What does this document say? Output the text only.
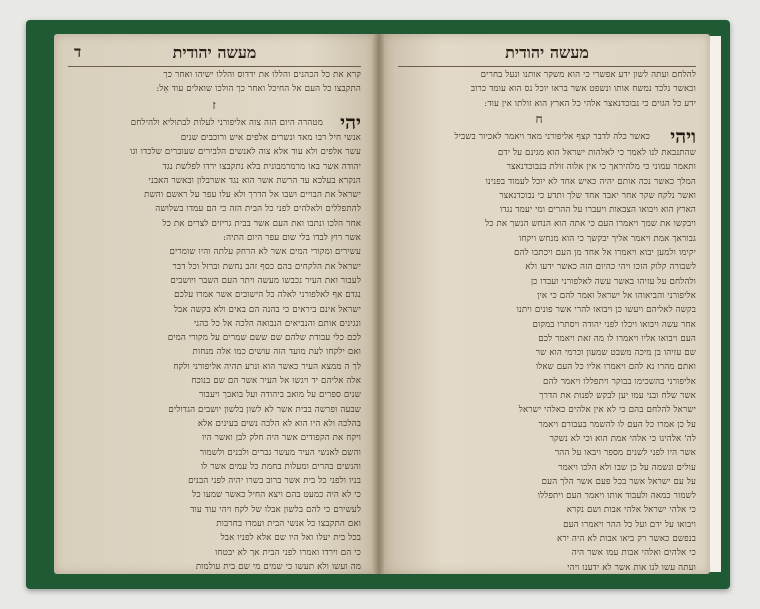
מעשה יהודית
ד
קרא את כל הכהנים והללו את ידדוס והללו ישיהו ואחר כך
התקבצו כל העם אל החיכל ואחר כך הולכו שואלים עוד אֵל:
ז
יהי
מטהרה היום הזה צוה אליפורני לעלות לבתוליא ולהילחם
אנשי חיל רבו מאד ונשרים אלפים איש ורוכבים שנים
עשר אלפים ולא עוד אלא צוה לאנשים הלבירים שעוברים שלכדו וגו
יהודה אשר באו מרמרמבונית בלא נתקבצו ירדו לפלשת נגד
הנקרא בעלכא עד הרשת אשר הוא נגד אשרבלון ובאשר האבני
ישראל את הבויים ושבו אל הדרך ולא עלו עפר על ראשם והשת
להתפללים ולאלהים לפני כל הבית הזה כי הם עמדו בשלושה
אחר הלכו ונתבו ואת העם אשר בבית גריזים לצרים את כל
אשר רוץ לבדו בלי שום עפר היום התיה:
עשירים ומקורי המים אשר לא הרחק עלתה והיו שומרים
ישראל את הלקחים בהם כסף זהב נחשת וברזל וכל דבר
לעבור ואת העיר נכבשו מעשה ויתר העם השבר ויושבים
נגדם אף לאלפורני לאלה כל הישובים אשר אמרו עלכם
ישראל אינם ביראים כי בהנה הם באים ולא בקשה אבל
ונגינים אותם והנביאים הנבואה הלכה אל כל כהני
לכם כלי עבודת שלהם שם ששם שמרים על מקורי המים
ואם ילקחו לעת מועד הזה עושים כמו אלה מנחות
לך ה ממצא העיר כאשר הוא ונרע תהיה אליפורני ולקח
אלה אליהם יד ויגשו אל העיר אשר הם שם בנוכח
שנים ספרים על מואב ביהודה ועל בואבך ויעבור
שבעה ופרשה בבית אשר לא לשון בלשון יושבים הגדולים
בהלכה ולא היו הוא לא הלכה נשים בעינים אלא
ויקח את הקפודים אשר היה חלק לבן ואשר היו
והשם לאנשי העיר מעשר גברים ולבנים ולשמור
והנשים בהרים ומעלות בחמת כל עמים אשר לו
בניו ולפני כל בית אשר ברוב בשרו יהיה לפני הבנים
כי לא היה כמעט בהם ויצא החיל כאשר שמעו כל
לעשירם כי להם בלשון אבלו של לקח ויהי עוד עוד
ואם התקבצו כל אנשי הבית ועמדו בחרבות
בכל בית יעלו ואל היו שם אלא לפניו אבל
כי הם וירדו ואמרו לפני הבית אך לא יבטחו
מה ועשו ולא תעשו כי שמים מי שם בית עולמות
מעשה יהודית
להלחם ועתה לשון ידע אפשרי כי הוא משקר אותנו ונעל בחרים
וכאשר נלכד נמשח אותו ונשפט אשר בראו יוכל נס הוא עומד כרוב
ידע כל הגוים כי נבוכדנאצר אלהי כל הארץ הוא זולתו אין עוד:
ח
ויהי
כאשר כלה לדבר קצף אליפורני מאד ויאמר לאכיור בשביל
שהתנבאת לנו לאמר כי לאלהות ישראל הוא מגינם על ידם
ותאמר עמוני כי מלהיראך כי אין אלוה זולת בנבוכדנאצר
המלך כאשר נכה אותם יהיה כאיש אחד לא יוכל לעמוד בפנינו
ואשר נלקח שקר אחר יאבד אחד שלך ותדע כי נבוכדנאצר
הארץ הוא ויבואו הצבאות ויעברו על ההרים ומי יעמד נגדו
ויבקשו את שמך ויאמרו העם כי אתה הוא הנחש הנשך את כל
גבוראך אמת ויאמר אליך יבקשך כי הוא מנחש ויקחו
יקימו ולמען יבוא ויאמרו אל אחד מן העם ויכתבו להם
לשבורה קלוק הזכו ויהי כהיום הזה כאשר ידעו ולא
ולהלחם על עזיהו באשר עשה לאלפורני ועבדו כן
אליפורני והביאוהו אל ישראל ואמר להם כי אין
בקשה לאליהם ויעשו כן ויבואו להרי אשר פונים ויתנו
אחר עשה ויבואו ויכלו לפני יהודה ויסתרו במקום
העם ויבואו אליו ויאמרו לו מה זאת ויאמר לכם
שם עזיהו בן מיכה משבט שמעון וכרמי הוא שר
ואתם מהרו נא להם ויאמרו אליו כל העם שאלו
אליפורני בהשכימו בבוקר ויתפללו ויאמר להם
אשר שלח ובני עמו יען לבקש לפנות את הדרך
ישראל להלחם בהם כי לא אין אלהים כאלהי ישראל
על כן אמרו כל העם לו להשמר בעבורם ויאמר
לה' אלהינו כי אלהי אמת הוא וכי לא נשקר
אשר היו לפני לשנים מספר ויבאו על ההר
עולים ונשמה על כן שבו ולא הלכו ויאמר
על עם ישראל אשר בכל פעם אשר הלך העם
לשמור כמאה ולעבוד אותו ויאמר העם ויתפללו
כי אלהי ישראל אלהי אבות ושם נקרא
ויבואו על ידם ועל כל ההר ויאמרו העם
בנפשם כאשר רק ביאו אבות לא היה ירא
כי אלהים ואלהי אבות עמו אשר היה
ועתה עשו לנו אות אשר לא ידענו ויהי
